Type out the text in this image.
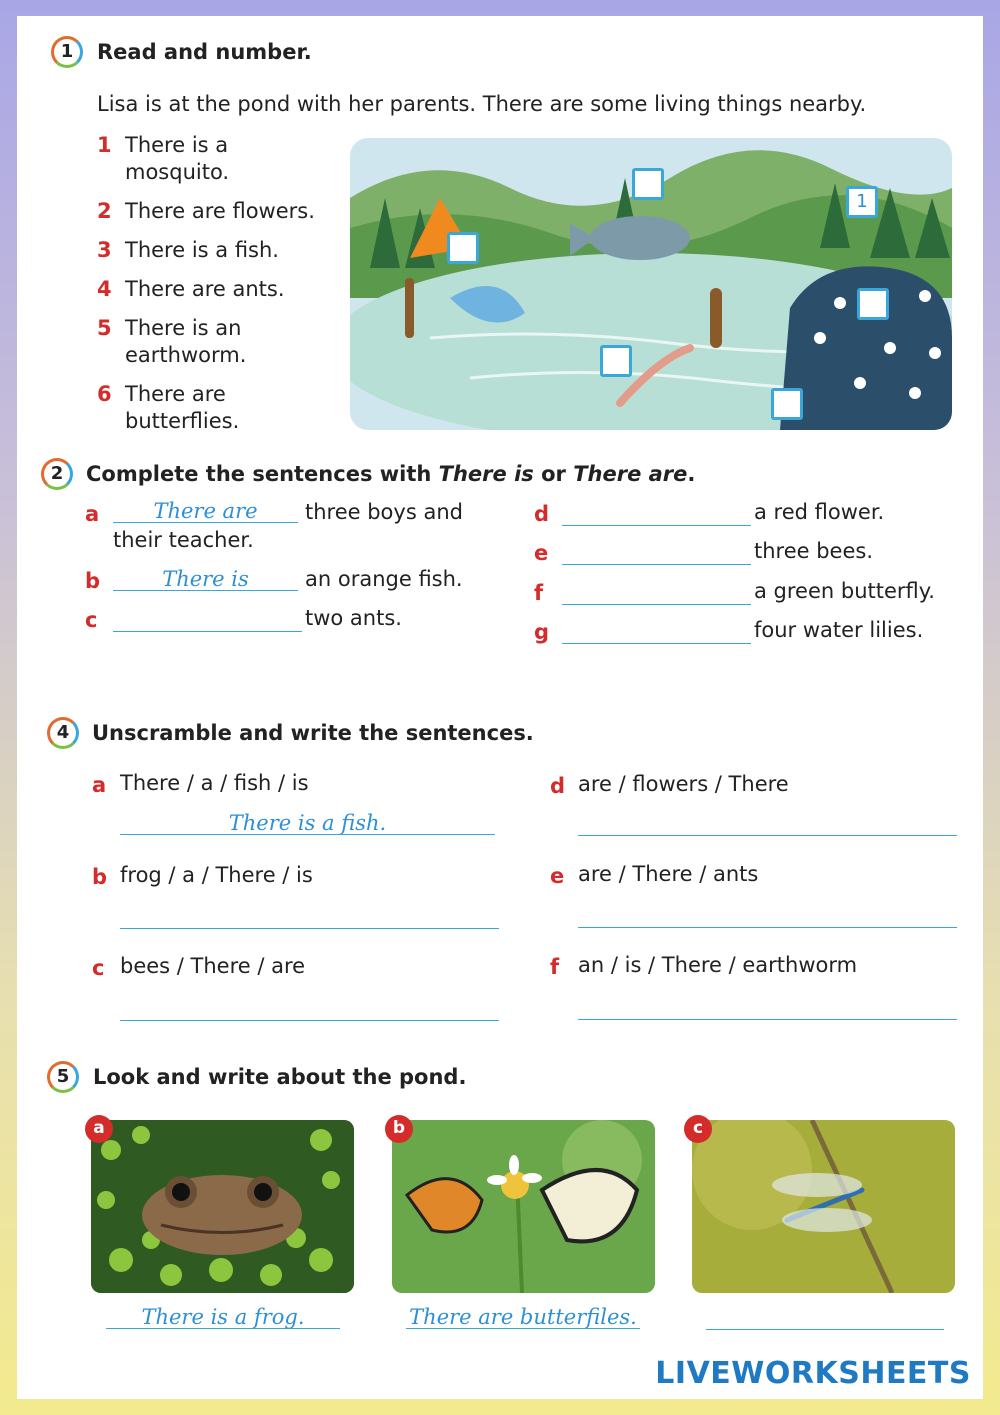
1	Read and number.
Lisa is at the pond with her parents. There are some living things nearby.
1 There is a
mosquito.
2 There are flowers.
3 There is a fish.
4 There are ants.
5 There is an
earthworm.
6 There are
butterflies.
1
2	Complete the sentences with There is or There are.
a	There are	three boys and
their teacher.
b	There is	an orange fish.
c	two ants.
d	a red flower.
e	three bees.
f	a green butterfly.
g	four water lilies.
4	Unscramble and write the sentences.
a There / a / fish / is
There is a fish.
b frog / a / There / is
c bees / There / are
d are / flowers / There
e are / There / ants
f an / is / There / earthworm
5	Look and write about the pond.
a
There is a frog.
b
There are butterfiles.
c
LIVEWORKSHEETS
